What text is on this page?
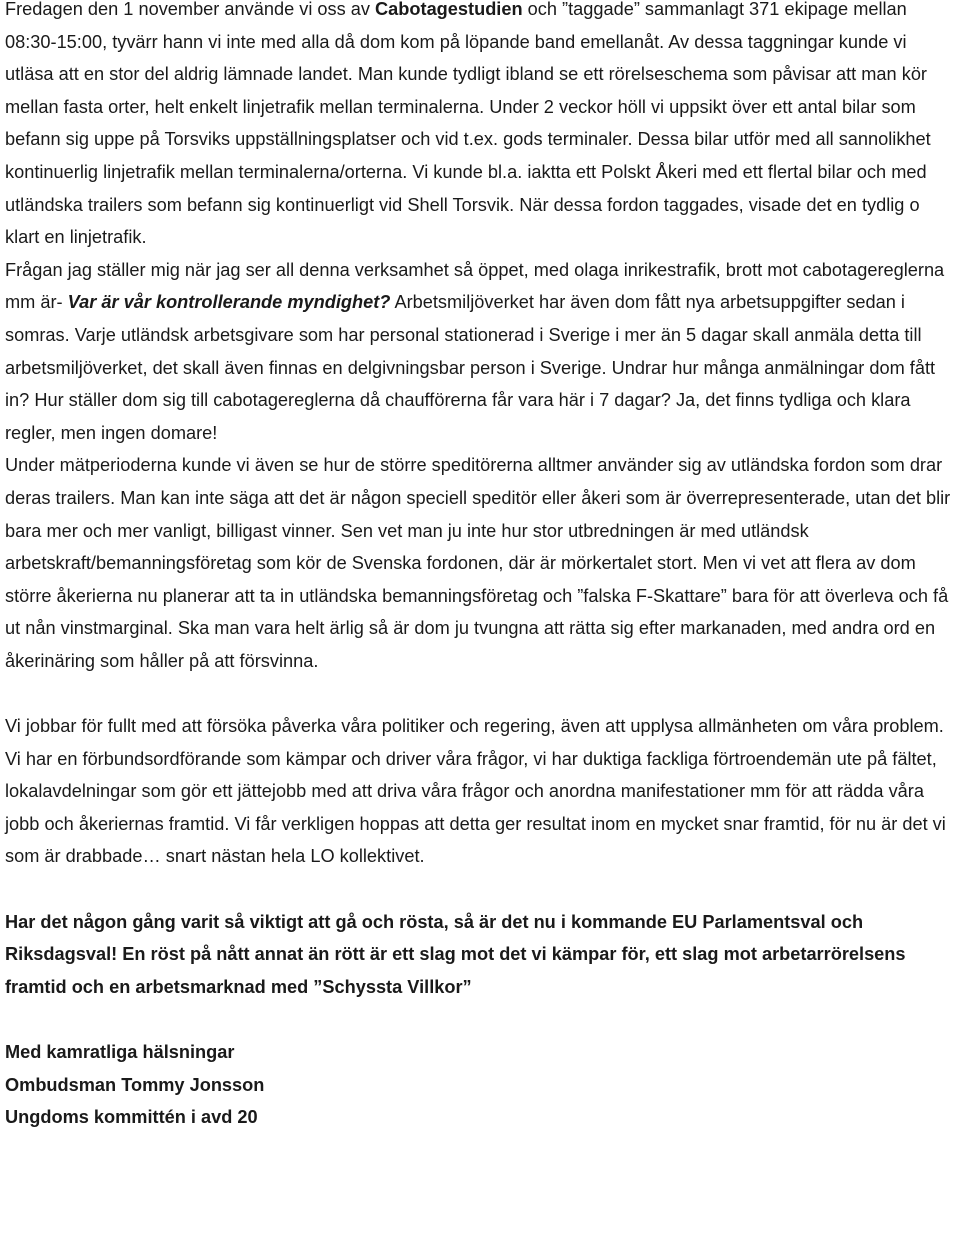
Fredagen den 1 november använde vi oss av Cabotagestudien och ”taggade” sammanlagt 371 ekipage mellan 08:30-15:00, tyvärr hann vi inte med alla då dom kom på löpande band emellanåt. Av dessa taggningar kunde vi utläsa att en stor del aldrig lämnade landet. Man kunde tydligt ibland se ett rörelseschema som påvisar att man kör mellan fasta orter, helt enkelt linjetrafik mellan terminalerna. Under 2 veckor höll vi uppsikt över ett antal bilar som befann sig uppe på Torsviks uppställningsplatser och vid t.ex. gods terminaler. Dessa bilar utför med all sannolikhet kontinuerlig linjetrafik mellan terminalerna/orterna. Vi kunde bl.a. iaktta ett Polskt Åkeri med ett flertal bilar och med utländska trailers som befann sig kontinuerligt vid Shell Torsvik. När dessa fordon taggades, visade det en tydlig o klart en linjetrafik.

Frågan jag ställer mig när jag ser all denna verksamhet så öppet, med olaga inrikestrafik, brott mot cabotagereglerna mm är- Var är vår kontrollerande myndighet? Arbetsmiljöverket har även dom fått nya arbetsuppgifter sedan i somras. Varje utländsk arbetsgivare som har personal stationerad i Sverige i mer än 5 dagar skall anmäla detta till arbetsmiljöverket, det skall även finnas en delgivningsbar person i Sverige. Undrar hur många anmälningar dom fått in? Hur ställer dom sig till cabotagereglerna då chaufförerna får vara här i 7 dagar? Ja, det finns tydliga och klara regler, men ingen domare!

Under mätperioderna kunde vi även se hur de större speditörerna alltmer använder sig av utländska fordon som drar deras trailers. Man kan inte säga att det är någon speciell speditör eller åkeri som är överrepresenterade, utan det blir bara mer och mer vanligt, billigast vinner. Sen vet man ju inte hur stor utbredningen är med utländsk arbetskraft/bemanningsföretag som kör de Svenska fordonen, där är mörkertalet stort. Men vi vet att flera av dom större åkerierna nu planerar att ta in utländska bemanningsföretag och ”falska F-Skattare” bara för att överleva och få ut nån vinstmarginal. Ska man vara helt ärlig så är dom ju tvungna att rätta sig efter markanaden, med andra ord en åkerinäring som håller på att försvinna.

Vi jobbar för fullt med att försöka påverka våra politiker och regering, även att upplysa allmänheten om våra problem. Vi har en förbundsordförande som kämpar och driver våra frågor, vi har duktiga fackliga förtroendemän ute på fältet, lokalavdelningar som gör ett jättejobb med att driva våra frågor och anordna manifestationer mm för att rädda våra jobb och åkeriernas framtid. Vi får verkligen hoppas att detta ger resultat inom en mycket snar framtid, för nu är det vi som är drabbade… snart nästan hela LO kollektivet.

Har det någon gång varit så viktigt att gå och rösta, så är det nu i kommande EU Parlamentsval och Riksdagsval! En röst på nått annat än rött är ett slag mot det vi kämpar för, ett slag mot arbetarrörelsens framtid och en arbetsmarknad med ”Schyssta Villkor”

Med kamratliga hälsningar

Ombudsman Tommy Jonsson

Ungdoms kommittén i avd 20
